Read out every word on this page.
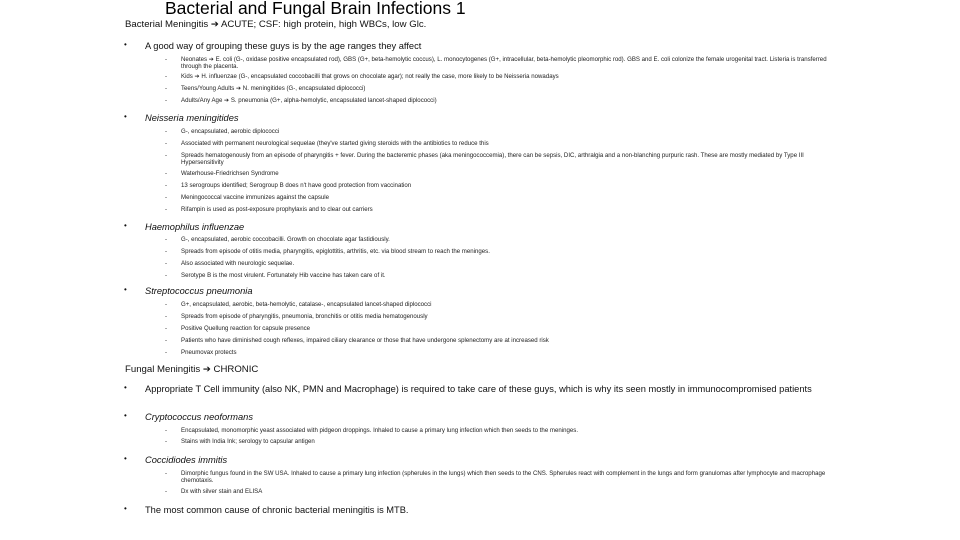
Bacterial and Fungal Brain Infections 1
Bacterial Meningitis ➔ ACUTE; CSF: high protein, high WBCs, low Glc.
• A good way of grouping these guys is by the age ranges they affect
- Neonates ➔ E. coli (G-, oxidase positive encapsulated rod), GBS (G+, beta-hemolytic coccus), L. monocytogenes (G+, intracellular, beta-hemolytic pleomorphic rod). GBS and E. coli colonize the female urogenital tract. Listeria is transferred through the placenta.
- Kids ➔ H. influenzae (G-, encapsulated coccobacilli that grows on chocolate agar); not really the case, more likely to be Neisseria nowadays
- Teens/Young Adults ➔ N. meningitides (G-, encapsulated diplococci)
- Adults/Any Age ➔ S. pneumonia (G+, alpha-hemolytic, encapsulated lancet-shaped diplococci)
• Neisseria meningitides
- G-, encapsulated, aerobic diplococci
- Associated with permanent neurological sequelae (they've started giving steroids with the antibiotics to reduce this
- Spreads hematogenously from an episode of pharyngitis + fever. During the bacteremic phases (aka meningococcemia), there can be sepsis, DIC, arthralgia and a non-blanching purpuric rash. These are mostly mediated by Type III Hypersensitivity
- Waterhouse-Friedrichsen Syndrome
- 13 serogroups identified; Serogroup B does n't have good protection from vaccination
- Meningococcal vaccine immunizes against the capsule
- Rifampin is used as post-exposure prophylaxis and to clear out carriers
• Haemophilus influenzae
- G-, encapsulated, aerobic coccobacilli. Growth on chocolate agar fastidiously.
- Spreads from episode of otitis media, pharyngitis, epiglottitis, arthritis, etc. via blood stream to reach the meninges.
- Also associated with neurologic sequelae.
- Serotype B is the most virulent. Fortunately Hib vaccine has taken care of it.
• Streptococcus pneumonia
- G+, encapsulated, aerobic, beta-hemolytic, catalase-, encapsulated lancet-shaped diplococci
- Spreads from episode of pharyngitis, pneumonia, bronchitis or otitis media hematogenously
- Positive Quellung reaction for capsule presence
- Patients who have diminished cough reflexes, impaired ciliary clearance or those that have undergone splenectomy are at increased risk
- Pneumovax protects
Fungal Meningitis ➔ CHRONIC
• Appropriate T Cell immunity (also NK, PMN and Macrophage) is required to take care of these guys, which is why its seen mostly in immunocompromised patients
• Cryptococcus neoformans
- Encapsulated, monomorphic yeast associated with pidgeon droppings. Inhaled to cause a primary lung infection which then seeds to the meninges.
- Stains with India Ink; serology to capsular antigen
• Coccidiodes immitis
- Dimorphic fungus found in the SW USA. Inhaled to cause a primary lung infection (spherules in the lungs) which then seeds to the CNS. Spherules react with complement in the lungs and form granulomas after lymphocyte and macrophage chemotaxis.
- Dx with silver stain and ELISA
• The most common cause of chronic bacterial meningitis is MTB.
